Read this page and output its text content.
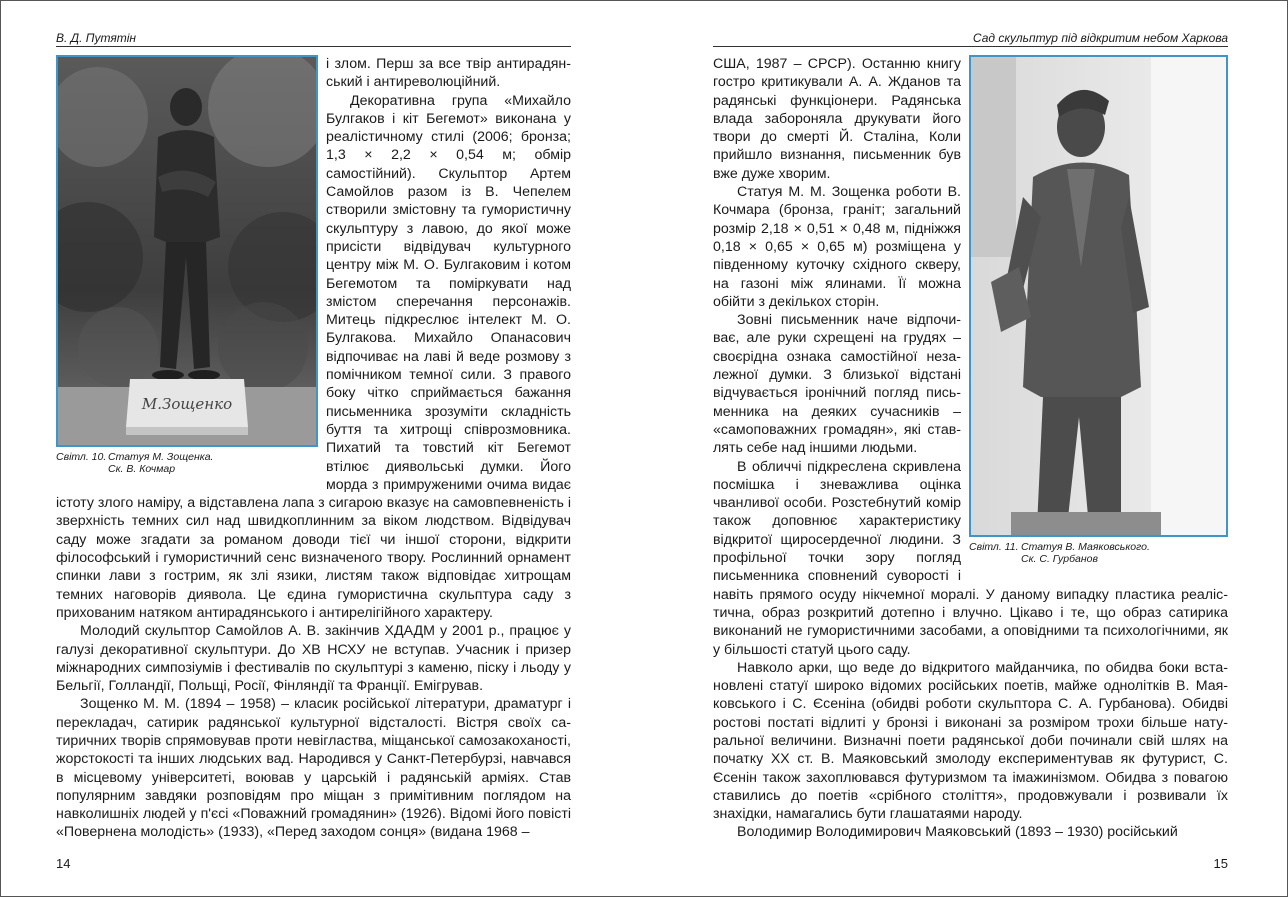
В. Д. Путятін
М.Зощенко
Світл. 10. Статуя М. Зощенка.
Ск. В. Кочмар

і злом. Перш за все твір антирадянський і антиреволюційний.

Декоративна група «Михайло Булгаков і кіт Бегемот» виконана у реалістичному стилі (2006; бронза; 1,3 × 2,2 × 0,54 м; обмір самостійний). Скульптор Артем Самойлов разом із В. Чепелем створили змістовну та гумористичну скульптуру з лавою, до якої може присісти відвідувач культурного центру між М. О. Булгаковим і котом Бегемотом та поміркувати над змістом сперечання персонажів. Митець підкреслює інтелект М. О. Булгакова. Михайло Опанасович відпочиває на лаві й веде розмову з помічником темної сили. З правого боку чітко сприймається бажання письменника зрозуміти складність буття та хитрощі співрозмовника. Пихатий та товстий кіт Бегемот втілює диявольські думки. Його морда з примруженими очима видає істоту злого наміру, а відставлена лапа з сигарою вказує на самовпевненість і зверхність темних сил над швидкоплинним за віком людством. Відвідувач саду може згадати за романом доводи тієї чи іншої сторони, відкрити філософський і гумористичний сенс визначеного твору. Рослинний орнамент спинки лави з гострим, як злі язики, листям також відповідає хитрощам темних наговорів диявола. Це єдина гумористична скульптура саду з прихованим натяком антирадянського і антирелігійного характеру.

Молодий скульптор Самойлов А. В. закінчив ХДАДМ у 2001 р., працює у галузі декоративної скульптури. До ХВ НСХУ не вступав. Учасник і призер міжнародних симпозіумів і фестивалів по скульптурі з каменю, піску і льоду у Бельгії, Голландії, Польщі, Росії, Фінляндії та Франції. Емігрував.

Зощенко М. М. (1894 – 1958) – класик російської літератури, драматург і перекладач, сатирик радянської культурної відсталості. Вістря своїх сатиричних творів спрямовував проти невігластва, міщанської самозакоханості, жорстокості та інших людських вад. Народився у Санкт-Петербурзі, навчався в місцевому університеті, воював у царській і радянській арміях. Став популярним завдяки розповідям про міщан з примітивним поглядом на навколишніх людей у п'єсі «Поважний громадянин» (1926). Відомі його повісті «Повернена молодість» (1933), «Перед заходом сонця» (видана 1968 –

14
Сад скульптур під відкритим небом Харкова
Світл. 11. Статуя В. Маяковського.
Ск. С. Гурбанов

США, 1987 – СРСР). Останню книгу гостро критикували А. А. Жданов та радянські функціонери. Радянська влада забороняла друкувати його твори до смерті Й. Сталіна, Коли прийшло визнання, письменник був вже дуже хворим.

Статуя М. М. Зощенка роботи В. Кочмара (бронза, граніт; загальний розмір 2,18 × 0,51 × 0,48 м, підніжжя 0,18 × 0,65 × 0,65 м) розміщена у південному куточку східного скверу, на газоні між ялинами. Її можна обійти з декількох сторін.

Зовні письменник наче відпочиває, але руки схрещені на грудях – своєрідна ознака самостійної незалежної думки. З близької відстані відчувається іронічний погляд письменника на деяких сучасників – «самоповажних громадян», які ставлять себе над іншими людьми.

В обличчі підкреслена скривлена посмішка і зневажлива оцінка чванливої особи. Розстебнутий комір також доповнює характеристику відкритої щиросердечної людини. З профільної точки зору погляд письменника сповнений суворості і навіть прямого осуду нікчемної моралі. У даному випадку пластика реалістична, образ розкритий дотепно і влучно. Цікаво і те, що образ сатирика виконаний не гумористичними засобами, а оповідними та психологічними, як у більшості статуй цього саду.

Навколо арки, що веде до відкритого майданчика, по обидва боки встановлені статуї широко відомих російських поетів, майже однолітків В. Маяковського і С. Єсеніна (обидві роботи скульптора С. А. Гурбанова). Обидві ростові постаті відлиті у бронзі і виконані за розміром трохи більше натуральної величини. Визначні поети радянської доби починали свій шлях на початку ХХ ст. В. Маяковський змолоду експериментував як футурист, С. Єсенін також захоплювався футуризмом та імажинізмом. Обидва з повагою ставились до поетів «срібного століття», продовжували і розвивали їх знахідки, намагались бути глашатаями народу.

Володимир Володимирович Маяковський (1893 – 1930) російський

15
